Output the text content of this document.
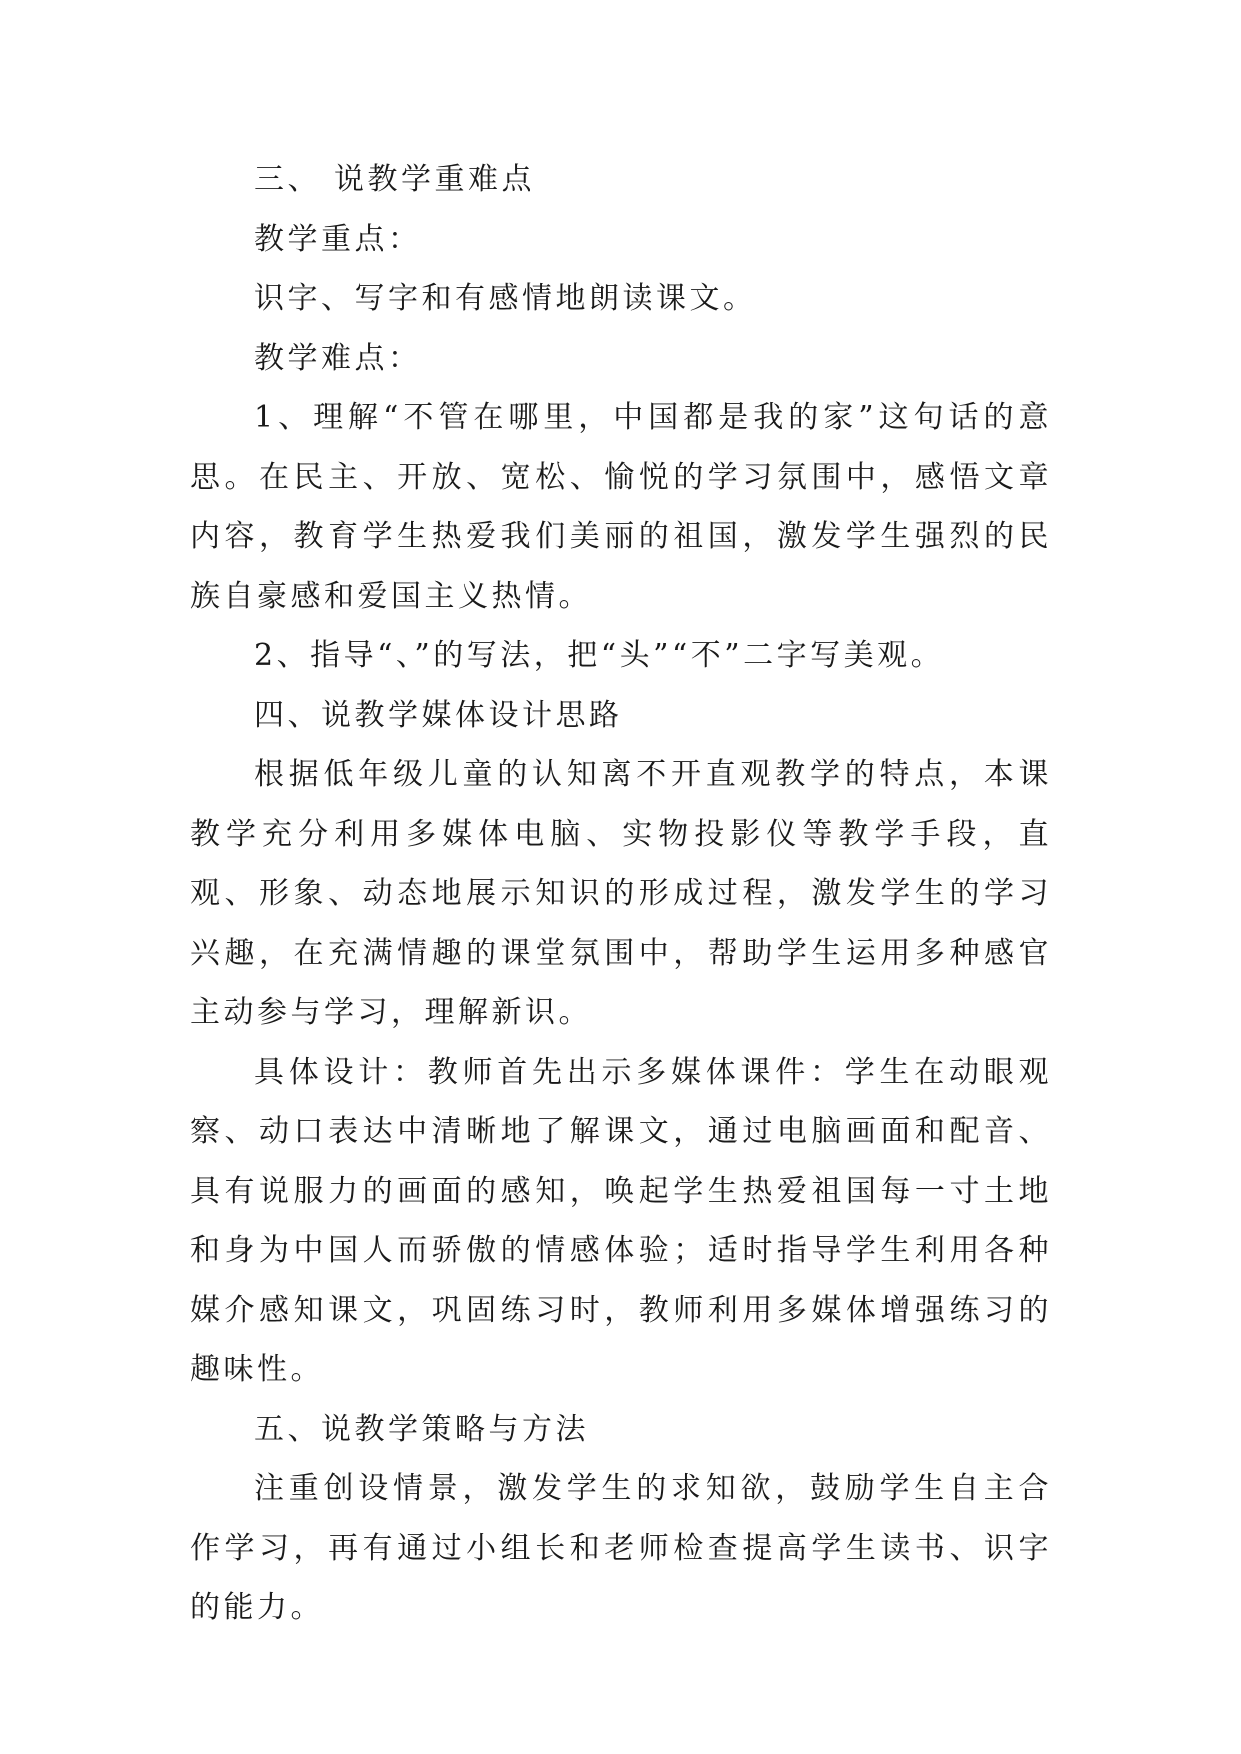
三、 说教学重难点

教学重点：

识字、写字和有感情地朗读课文。

教学难点：

1、理解“不管在哪里，中国都是我的家”这句话的意思。在民主、开放、宽松、愉悦的学习氛围中，感悟文章内容，教育学生热爱我们美丽的祖国，激发学生强烈的民族自豪感和爱国主义热情。

2、指导“、”的写法，把“头”“不”二字写美观。

四、说教学媒体设计思路

根据低年级儿童的认知离不开直观教学的特点，本课教学充分利用多媒体电脑、实物投影仪等教学手段，直观、形象、动态地展示知识的形成过程，激发学生的学习兴趣，在充满情趣的课堂氛围中，帮助学生运用多种感官主动参与学习，理解新识。

具体设计：教师首先出示多媒体课件：学生在动眼观察、动口表达中清晰地了解课文，通过电脑画面和配音、具有说服力的画面的感知，唤起学生热爱祖国每一寸土地和身为中国人而骄傲的情感体验；适时指导学生利用各种媒介感知课文，巩固练习时，教师利用多媒体增强练习的趣味性。

五、说教学策略与方法

注重创设情景，激发学生的求知欲，鼓励学生自主合作学习，再有通过小组长和老师检查提高学生读书、识字的能力。
